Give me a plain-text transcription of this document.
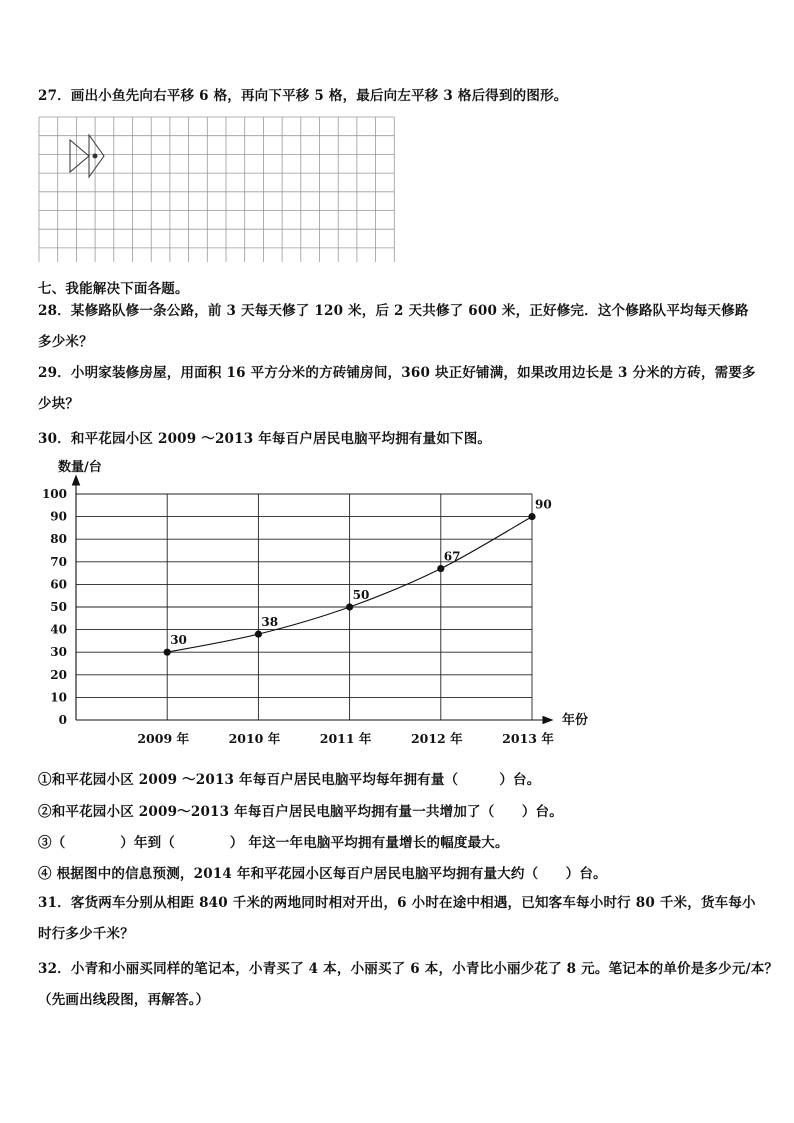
27．画出小鱼先向右平移 6 格，再向下平移 5 格，最后向左平移 3 格后得到的图形。
七、我能解决下面各题。
28．某修路队修一条公路，前 3 天每天修了 120 米，后 2 天共修了 600 米，正好修完．这个修路队平均每天修路多少米？
29．小明家装修房屋，用面积 16 平方分米的方砖铺房间，360 块正好铺满，如果改用边长是 3 分米的方砖，需要多少块？
30．和平花园小区 2009 ～2013 年每百户居民电脑平均拥有量如下图。
0
10
20
30
40
50
60
70
80
90
100
2009 年	2010 年	2011 年	2012 年	2013 年
30
38
50
67
90
数量/台
年份
①和平花园小区 2009 ～2013 年每百户居民电脑平均每年拥有量（　　　）台。
②和平花园小区 2009～2013 年每百户居民电脑平均拥有量一共增加了（　　）台。
③（　　　　）年到（　　　　） 年这一年电脑平均拥有量增长的幅度最大。
④ 根据图中的信息预测，2014 年和平花园小区每百户居民电脑平均拥有量大约（　　）台。
31．客货两车分别从相距 840 千米的两地同时相对开出，6 小时在途中相遇，已知客车每小时行 80 千米，货车每小时行多少千米？
32．小青和小丽买同样的笔记本，小青买了 4 本，小丽买了 6 本，小青比小丽少花了 8 元。笔记本的单价是多少元/本？
（先画出线段图，再解答。）
